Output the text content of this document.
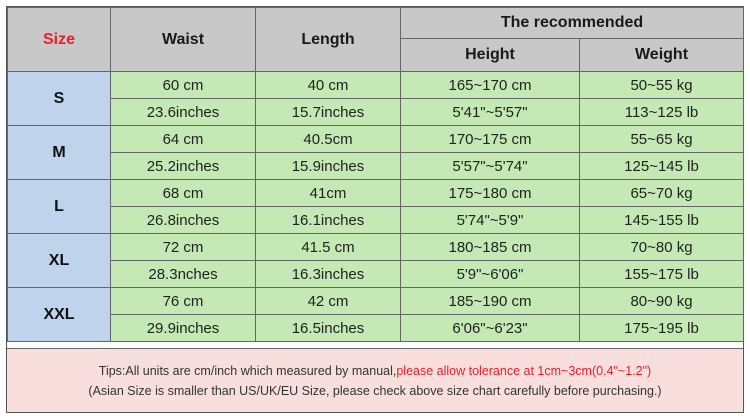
Size	Waist	Length	The recommended	
			Height	Weight
S	60 cm	40 cm	165~170 cm	50~55 kg
	23.6inches	15.7inches	5'41"~5'57"	113~125 lb
M	64 cm	40.5cm	170~175 cm	55~65 kg
	25.2inches	15.9inches	5'57"~5'74"	125~145 lb
L	68 cm	41cm	175~180 cm	65~70 kg
	26.8inches	16.1inches	5'74"~5'9"	145~155 lb
XL	72 cm	41.5 cm	180~185 cm	70~80 kg
	28.3nches	16.3inches	5'9"~6'06"	155~175 lb
XXL	76 cm	42 cm	185~190 cm	80~90 kg
	29.9inches	16.5inches	6'06"~6'23"	175~195 lb
Tips:All units are cm/inch which measured by manual,please allow tolerance at 1cm~3cm(0.4"~1.2")
(Asian Size is smaller than US/UK/EU Size, please check above size chart carefully before purchasing.)
